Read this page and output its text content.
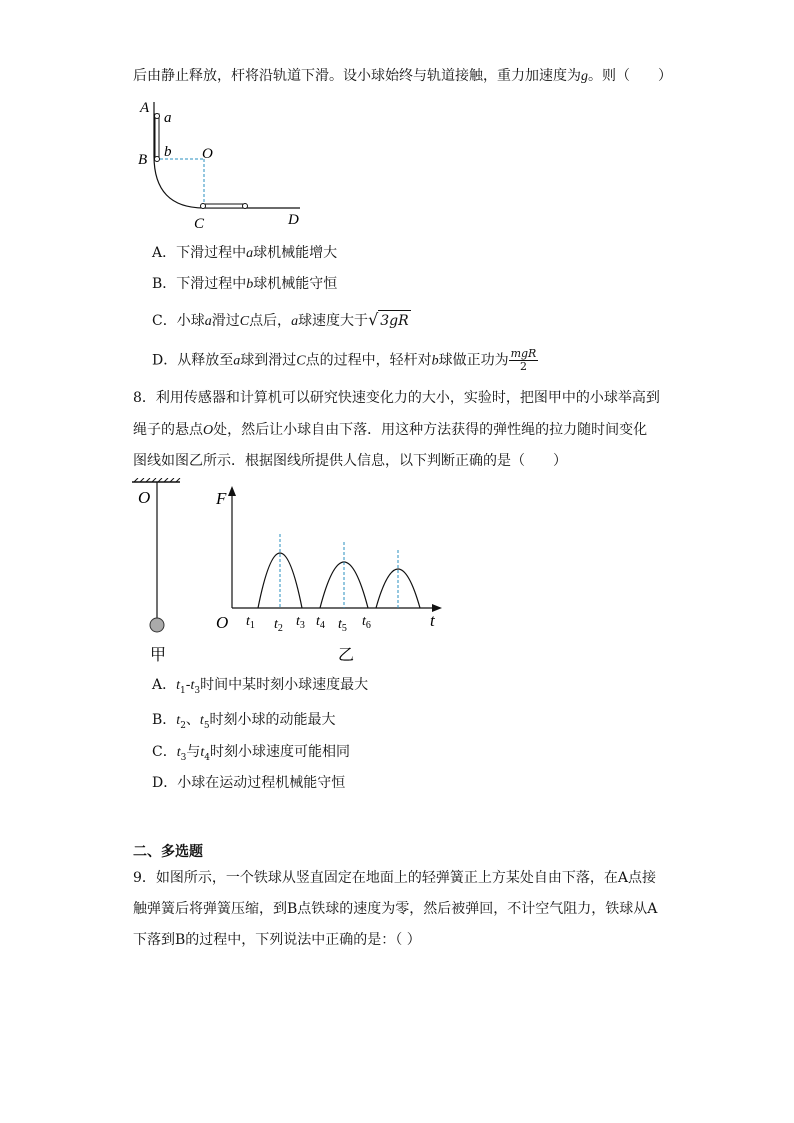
后由静止释放，杆将沿轨道下滑。设小球始终与轨道接触，重力加速度为g。则（　　）
A
a
B b O
C	D
A．下滑过程中a球机械能增大
B．下滑过程中b球机械能守恒
C．小球a滑过C点后，a球速度大于√ 3gR
D．从释放至a球到滑过C点的过程中，轻杆对b球做正功为 $\frac{\text{mgR}}{2}$
8．利用传感器和计算机可以研究快速变化力的大小，实验时，把图甲中的小球举高到
绳子的悬点O处，然后让小球自由下落．用这种方法获得的弹性绳的拉力随时间变化
图线如图乙所示．根据图线所提供人信息，以下判断正确的是（　　）
O
甲
F
O	t
$t_1$ $t_2$ $t_3$ $t_4$ $t_5$ $t_6$
乙
A．$t_1-t_3$时间中某时刻小球速度最大
B．$t_2$、$t_5$时刻小球的动能最大
C．$t_3$与$t_4$时刻小球速度可能相同
D．小球在运动过程机械能守恒
二、多选题
9．如图所示，一个铁球从竖直固定在地面上的轻弹簧正上方某处自由下落，在A点接
触弹簧后将弹簧压缩，到B点铁球的速度为零，然后被弹回，不计空气阻力，铁球从A
下落到B的过程中，下列说法中正确的是：（ ）
